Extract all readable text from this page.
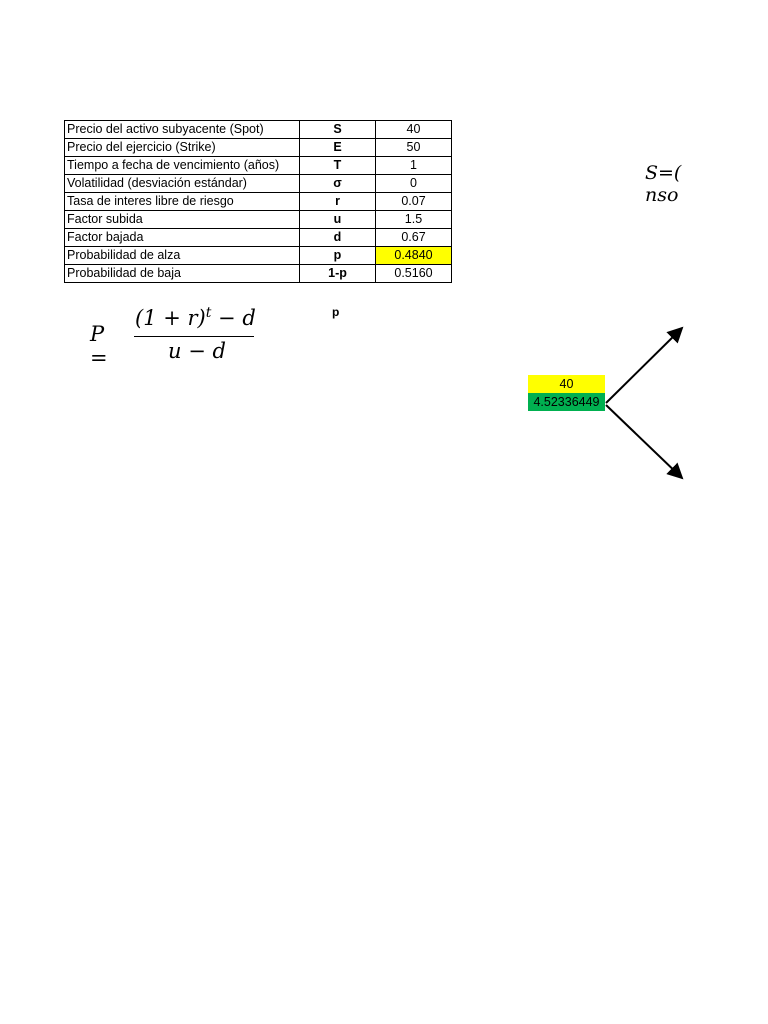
Precio del activo subyacente (Spot)	S	40
Precio del ejercicio (Strike)	E	50
Tiempo a fecha de vencimiento (años)	T	1
Volatilidad (desviación estándar)	σ	0
Tasa de interes libre de riesgo	r	0.07
Factor subida	u	1.5
Factor bajada	d	0.67
Probabilidad de alza	p	0.4840
Probabilidad de baja	1-p	0.5160
P =
$(1 + r)^t - d$
u − d
p
S=(
nso
40
4.52336449
